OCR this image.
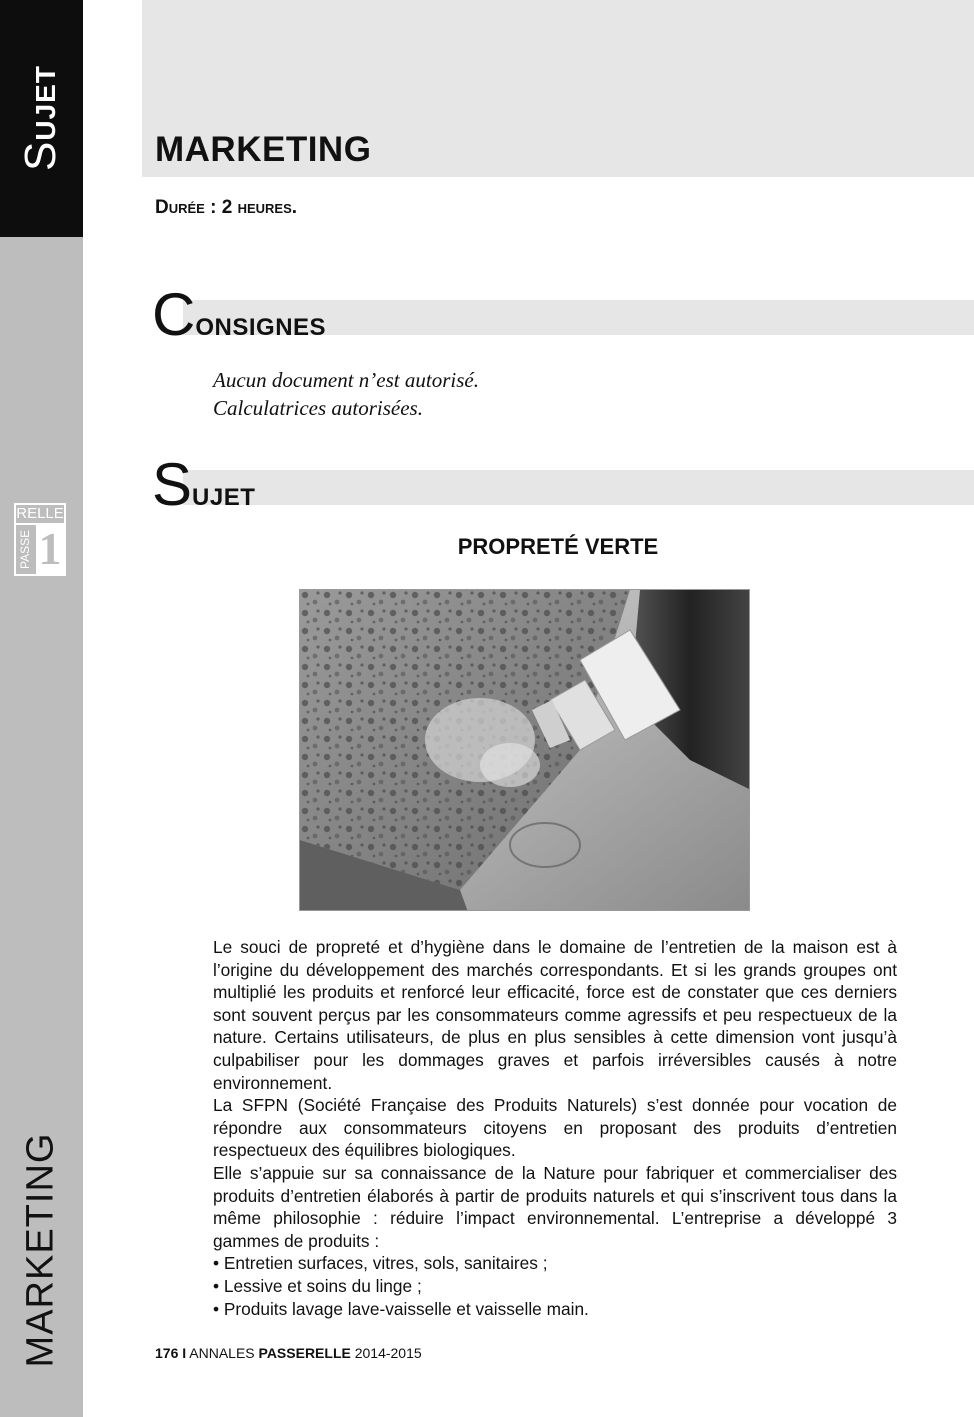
SUJET
RELLE
PASSE 1
MARKETING
MARKETING

Durée : 2 heures.

CONSIGNES

Aucun document n’est autorisé.

Calculatrices autorisées.

SUJET
PROPRETÉ VERTE

Le souci de propreté et d’hygiène dans le domaine de l’entretien de la maison est à l’origine du développement des marchés correspondants. Et si les grands groupes ont multiplié les produits et renforcé leur efficacité, force est de constater que ces derniers sont souvent perçus par les consommateurs comme agressifs et peu respectueux de la nature. Certains utilisateurs, de plus en plus sensibles à cette dimension vont jusqu’à culpabiliser pour les dommages graves et parfois irréversibles causés à notre environnement.

La SFPN (Société Française des Produits Naturels) s’est donnée pour vocation de répondre aux consommateurs citoyens en proposant des produits d’entretien respectueux des équilibres biologiques.

Elle s’appuie sur sa connaissance de la Nature pour fabriquer et commercialiser des produits d’entretien élaborés à partir de produits naturels et qui s’inscrivent tous dans la même philosophie : réduire l’impact environnemental. L’entreprise a développé 3 gammes de produits :

• Entretien surfaces, vitres, sols, sanitaires ;
• Lessive et soins du linge ;
• Produits lavage lave-vaisselle et vaisselle main.
176 I ANNALES PASSERELLE 2014-2015
